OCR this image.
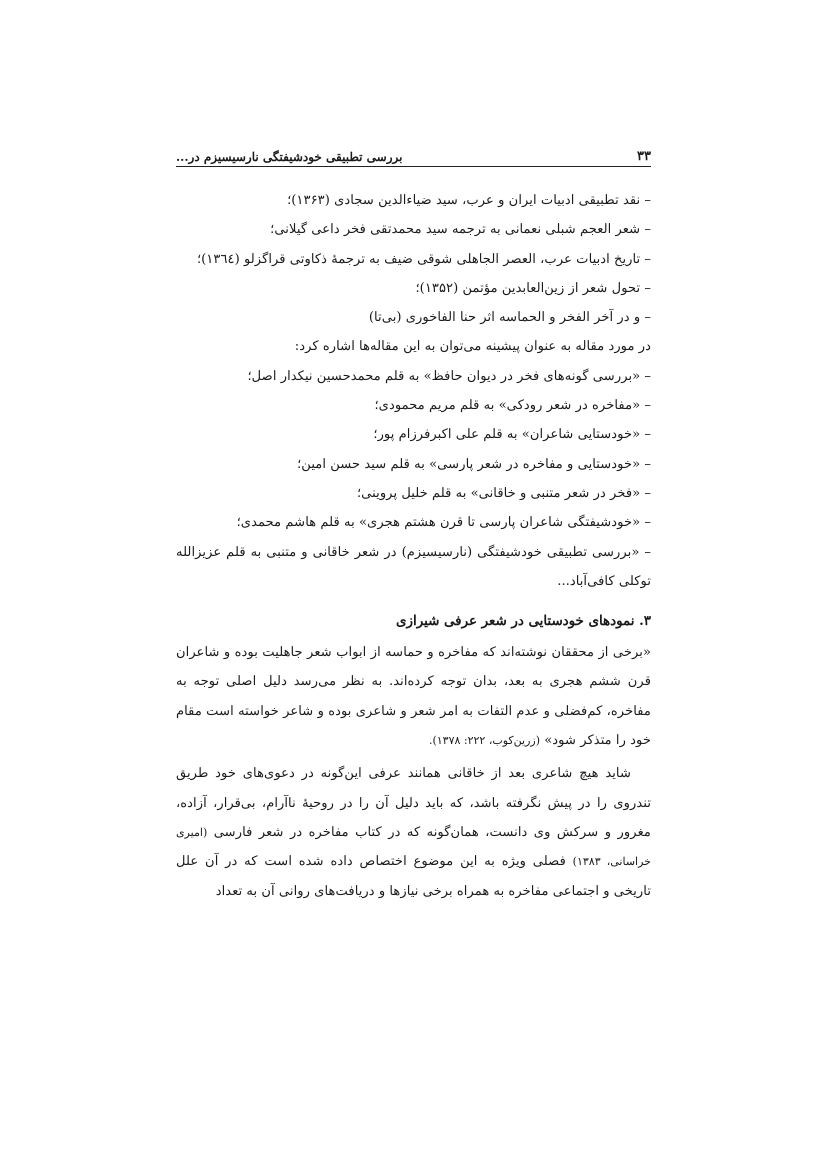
۳۳
بررسی تطبیقی خودشیفتگی نارسیسیزم در...
– نقد تطبیقی ادبیات ایران و عرب، سید ضیاءالدین سجادی (۱۳۶۳)؛
– شعر العجم شبلی نعمانی به ترجمه سید محمدتقی فخر داعی گیلانی؛
– تاریخ ادبیات عرب، العصر الجاهلی شوقی ضیف به ترجمهٔ ذکاوتی قراگزلو (۱۳٦٤)؛
– تحول شعر از زین‌العابدین مؤتمن (۱۳۵۲)؛
– و در آخر الفخر و الحماسه اثر حنا الفاخوری (بی‌تا)

در مورد مقاله به عنوان پیشینه می‌توان به این مقاله‌ها اشاره کرد:

– «بررسی گونه‌های فخر در دیوان حافظ» به قلم محمدحسین نیکدار اصل؛
– «مفاخره در شعر رودکی» به قلم مریم محمودی؛
– «خودستایی شاعران» به قلم علی اکبرفرزام پور؛
– «خودستایی و مفاخره در شعر پارسی» به قلم سید حسن امین؛
– «فخر در شعر متنبی و خاقانی» به قلم خلیل پروینی؛
– «خودشیفتگی شاعران پارسی تا قرن هشتم هجری» به قلم هاشم محمدی؛
– «بررسی تطبیقی خودشیفتگی (نارسیسیزم) در شعر خاقانی و متنبی به قلم عزیزالله توکلی کافی‌آباد...
۳. نمودهای خودستایی در شعر عرفی شیرازی

«برخی از محققان نوشته‌اند که مفاخره و حماسه از ابواب شعر جاهلیت بوده و شاعران قرن ششم هجری به بعد، بدان توجه کرده‌اند. به نظر می‌رسد دلیل اصلی توجه به مفاخره، کم‌فضلی و عدم التفات به امر شعر و شاعری بوده و شاعر خواسته است مقام خود را متذکر شود» (زرین‌کوب، ۲۲۲: ۱۳۷۸).

شاید هیچ شاعری بعد از خاقانی همانند عرفی این‌گونه در دعوی‌های خود طریق تندروی را در پیش نگرفته باشد، که باید دلیل آن را در روحیهٔ ناآرام، بی‌قرار، آزاده، مغرور و سرکش وی دانست، همان‌گونه که در کتاب مفاخره در شعر فارسی (امیری خراسانی، ۱۳۸۳) فصلی ویژه به این موضوع اختصاص داده شده است که در آن علل تاریخی و اجتماعی مفاخره به همراه برخی نیازها و دریافت‌های روانی آن به تعداد
